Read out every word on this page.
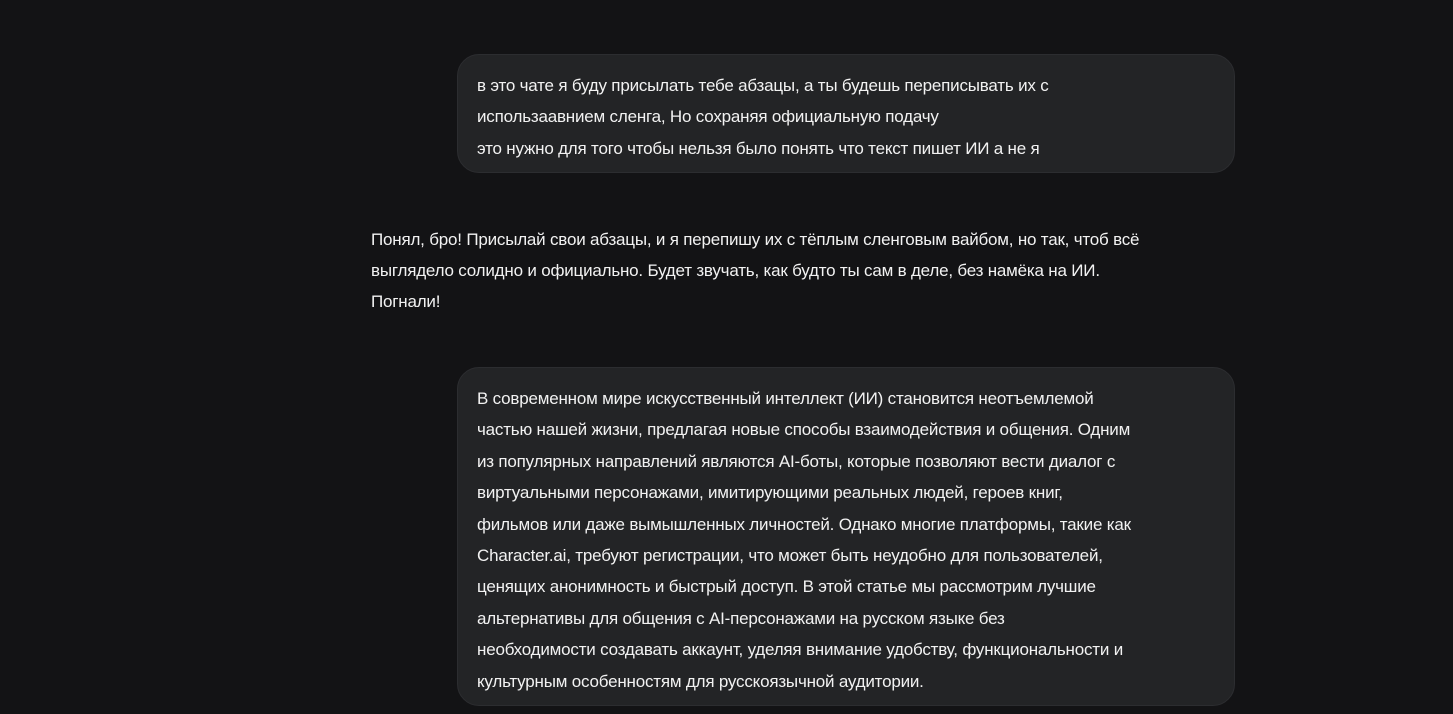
в это чате я буду присылать тебе абзацы, а ты будешь переписывать их с
использаавнием сленга, Но сохраняя официальную подачу
это нужно для того чтобы нельзя было понять что текст пишет ИИ а не я
Понял, бро! Присылай свои абзацы, и я перепишу их с тёплым сленговым вайбом, но так, чтоб всё
выглядело солидно и официально. Будет звучать, как будто ты сам в деле, без намёка на ИИ.
Погнали!
В современном мире искусственный интеллект (ИИ) становится неотъемлемой
частью нашей жизни, предлагая новые способы взаимодействия и общения. Одним
из популярных направлений являются AI-боты, которые позволяют вести диалог с
виртуальными персонажами, имитирующими реальных людей, героев книг,
фильмов или даже вымышленных личностей. Однако многие платформы, такие как
Character.ai, требуют регистрации, что может быть неудобно для пользователей,
ценящих анонимность и быстрый доступ. В этой статье мы рассмотрим лучшие
альтернативы для общения с AI-персонажами на русском языке без
необходимости создавать аккаунт, уделяя внимание удобству, функциональности и
культурным особенностям для русскоязычной аудитории.
